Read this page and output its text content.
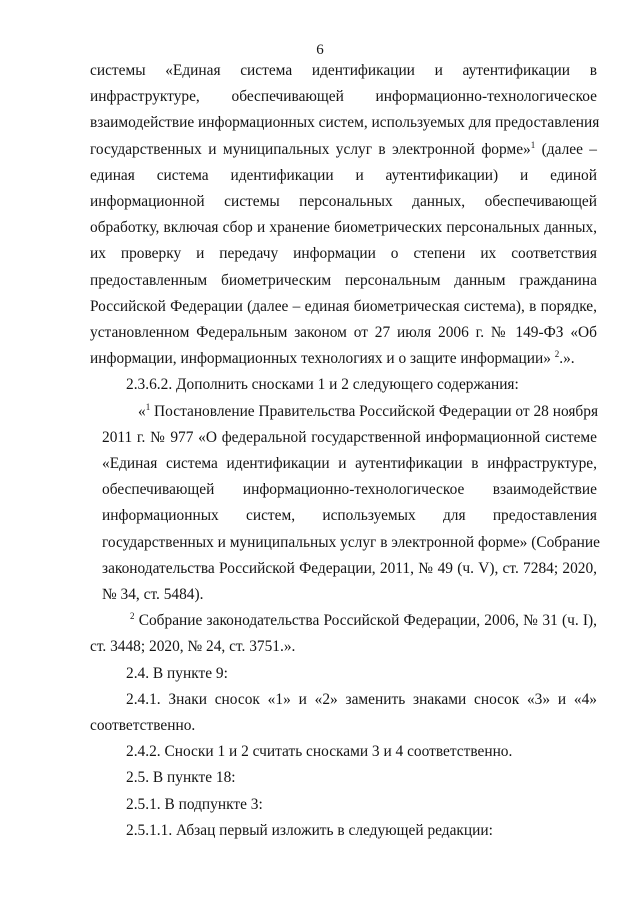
6

системы «Единая система идентификации и аутентификации в

инфраструктуре, обеспечивающей информационно-технологическое

взаимодействие информационных систем, используемых для предоставления

государственных и муниципальных услуг в электронной форме»$^1$ (далее –

единая система идентификации и аутентификации) и единой

информационной системы персональных данных, обеспечивающей

обработку, включая сбор и хранение биометрических персональных данных,

их проверку и передачу информации о степени их соответствия

предоставленным биометрическим персональным данным гражданина

Российской Федерации (далее – единая биометрическая система), в порядке,

установленном Федеральным законом от 27 июля 2006 г. № 149-ФЗ «Об

информации, информационных технологиях и о защите информации» $^2$.».

2.3.6.2. Дополнить сносками 1 и 2 следующего содержания:

«$^1$ Постановление Правительства Российской Федерации от 28 ноября

2011 г. № 977 «О федеральной государственной информационной системе

«Единая система идентификации и аутентификации в инфраструктуре,

обеспечивающей информационно-технологическое взаимодействие

информационных систем, используемых для предоставления

государственных и муниципальных услуг в электронной форме» (Собрание

законодательства Российской Федерации, 2011, № 49 (ч. V), ст. 7284; 2020,

№ 34, ст. 5484).

$^2$ Собрание законодательства Российской Федерации, 2006, № 31 (ч. I),

ст. 3448; 2020, № 24, ст. 3751.».

2.4. В пункте 9:

2.4.1. Знаки сносок «1» и «2» заменить знаками сносок «3» и «4»

соответственно.

2.4.2. Сноски 1 и 2 считать сносками 3 и 4 соответственно.

2.5. В пункте 18:

2.5.1. В подпункте 3:

2.5.1.1. Абзац первый изложить в следующей редакции:
